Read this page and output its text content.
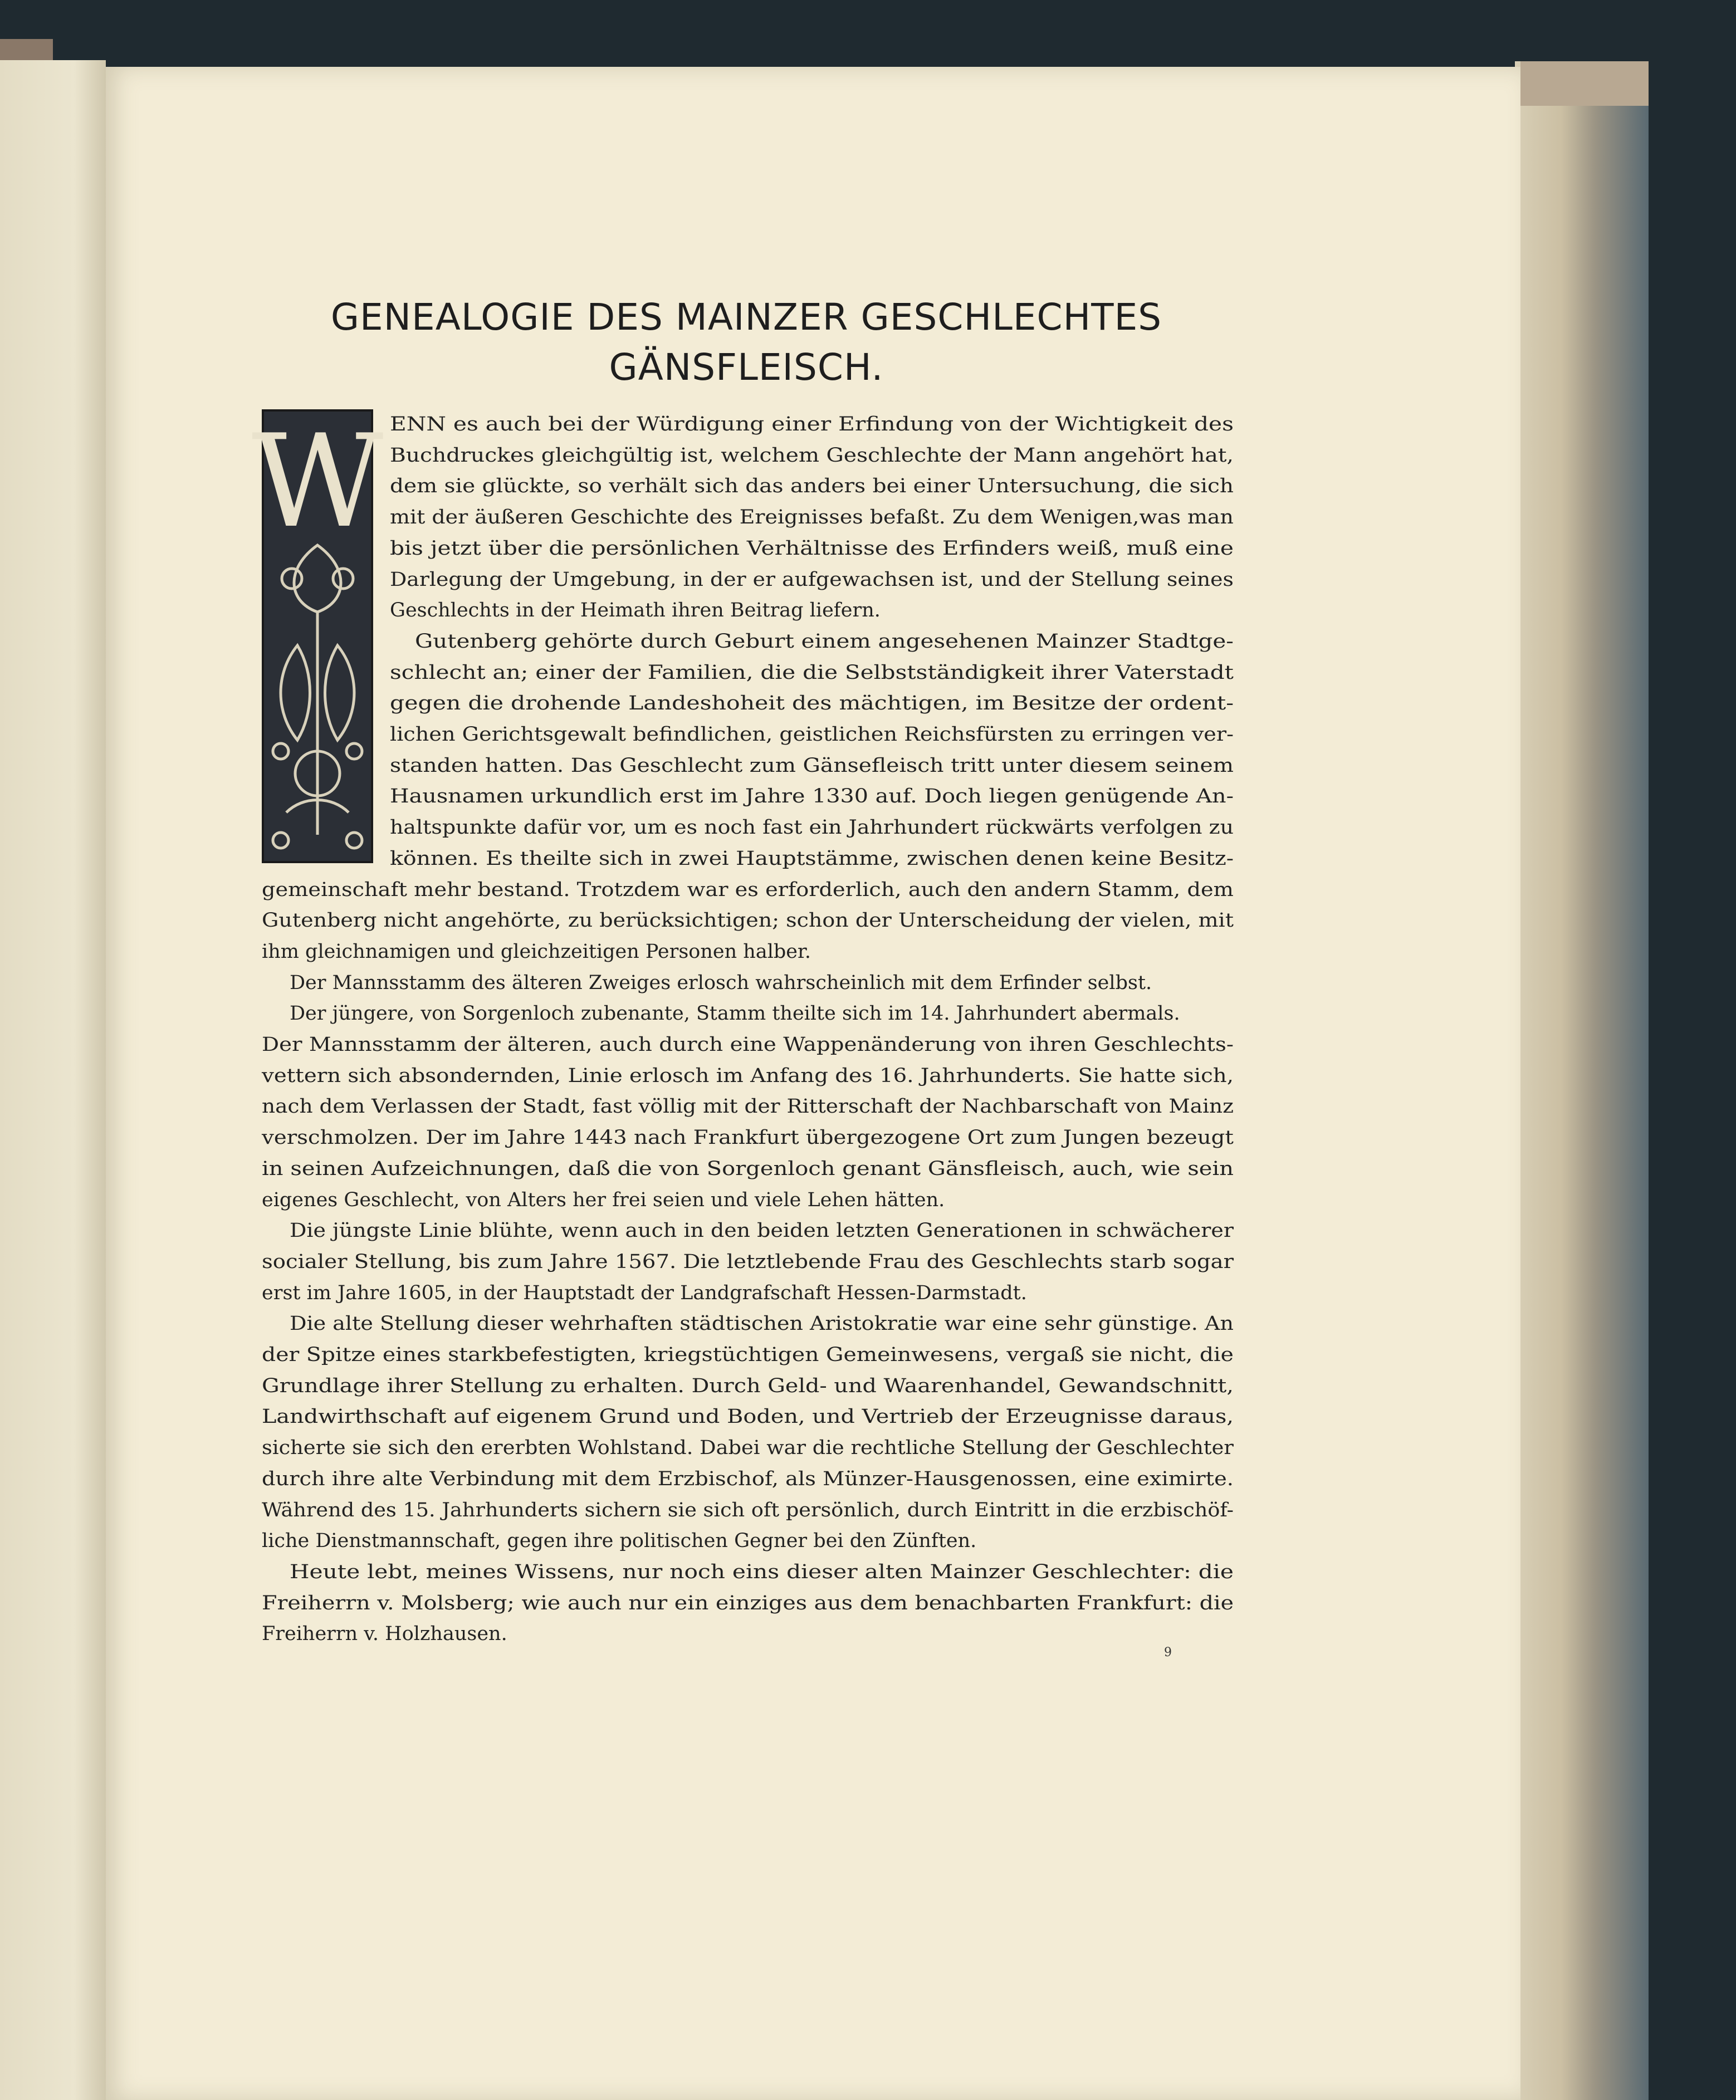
GENEALOGIE DES MAINZER GESCHLECHTES
GÄNSFLEISCH.
W ENN es auch bei der Würdigung einer Erfindung von der Wichtigkeit des
Buchdruckes gleichgültig ist, welchem Geschlechte der Mann angehört hat,
dem sie glückte, so verhält sich das anders bei einer Untersuchung, die sich
mit der äußeren Geschichte des Ereignisses befaßt. Zu dem Wenigen,was man
bis jetzt über die persönlichen Verhältnisse des Erfinders weiß, muß eine
Darlegung der Umgebung, in der er aufgewachsen ist, und der Stellung seines
Geschlechts in der Heimath ihren Beitrag liefern.
Gutenberg gehörte durch Geburt einem angesehenen Mainzer Stadtge-
schlecht an; einer der Familien, die die Selbstständigkeit ihrer Vaterstadt
gegen die drohende Landeshoheit des mächtigen, im Besitze der ordent-
lichen Gerichtsgewalt befindlichen, geistlichen Reichsfürsten zu erringen ver-
standen hatten. Das Geschlecht zum Gänsefleisch tritt unter diesem seinem
Hausnamen urkundlich erst im Jahre 1330 auf. Doch liegen genügende An-
haltspunkte dafür vor, um es noch fast ein Jahrhundert rückwärts verfolgen zu
können. Es theilte sich in zwei Hauptstämme, zwischen denen keine Besitz-
gemeinschaft mehr bestand. Trotzdem war es erforderlich, auch den andern Stamm, dem
Gutenberg nicht angehörte, zu berücksichtigen; schon der Unterscheidung der vielen, mit
ihm gleichnamigen und gleichzeitigen Personen halber.
Der Mannsstamm des älteren Zweiges erlosch wahrscheinlich mit dem Erfinder selbst.
Der jüngere, von Sorgenloch zubenante, Stamm theilte sich im 14. Jahrhundert abermals.
Der Mannsstamm der älteren, auch durch eine Wappenänderung von ihren Geschlechts-
vettern sich absondernden, Linie erlosch im Anfang des 16. Jahrhunderts. Sie hatte sich,
nach dem Verlassen der Stadt, fast völlig mit der Ritterschaft der Nachbarschaft von Mainz
verschmolzen. Der im Jahre 1443 nach Frankfurt übergezogene Ort zum Jungen bezeugt
in seinen Aufzeichnungen, daß die von Sorgenloch genant Gänsfleisch, auch, wie sein
eigenes Geschlecht, von Alters her frei seien und viele Lehen hätten.
Die jüngste Linie blühte, wenn auch in den beiden letzten Generationen in schwächerer
socialer Stellung, bis zum Jahre 1567. Die letztlebende Frau des Geschlechts starb sogar
erst im Jahre 1605, in der Hauptstadt der Landgrafschaft Hessen-Darmstadt.
Die alte Stellung dieser wehrhaften städtischen Aristokratie war eine sehr günstige. An
der Spitze eines starkbefestigten, kriegstüchtigen Gemeinwesens, vergaß sie nicht, die
Grundlage ihrer Stellung zu erhalten. Durch Geld- und Waarenhandel, Gewandschnitt,
Landwirthschaft auf eigenem Grund und Boden, und Vertrieb der Erzeugnisse daraus,
sicherte sie sich den ererbten Wohlstand. Dabei war die rechtliche Stellung der Geschlechter
durch ihre alte Verbindung mit dem Erzbischof, als Münzer-Hausgenossen, eine eximirte.
Während des 15. Jahrhunderts sichern sie sich oft persönlich, durch Eintritt in die erzbischöf-
liche Dienstmannschaft, gegen ihre politischen Gegner bei den Zünften.
Heute lebt, meines Wissens, nur noch eins dieser alten Mainzer Geschlechter: die
Freiherrn v. Molsberg; wie auch nur ein einziges aus dem benachbarten Frankfurt: die
Freiherrn v. Holzhausen.
9
